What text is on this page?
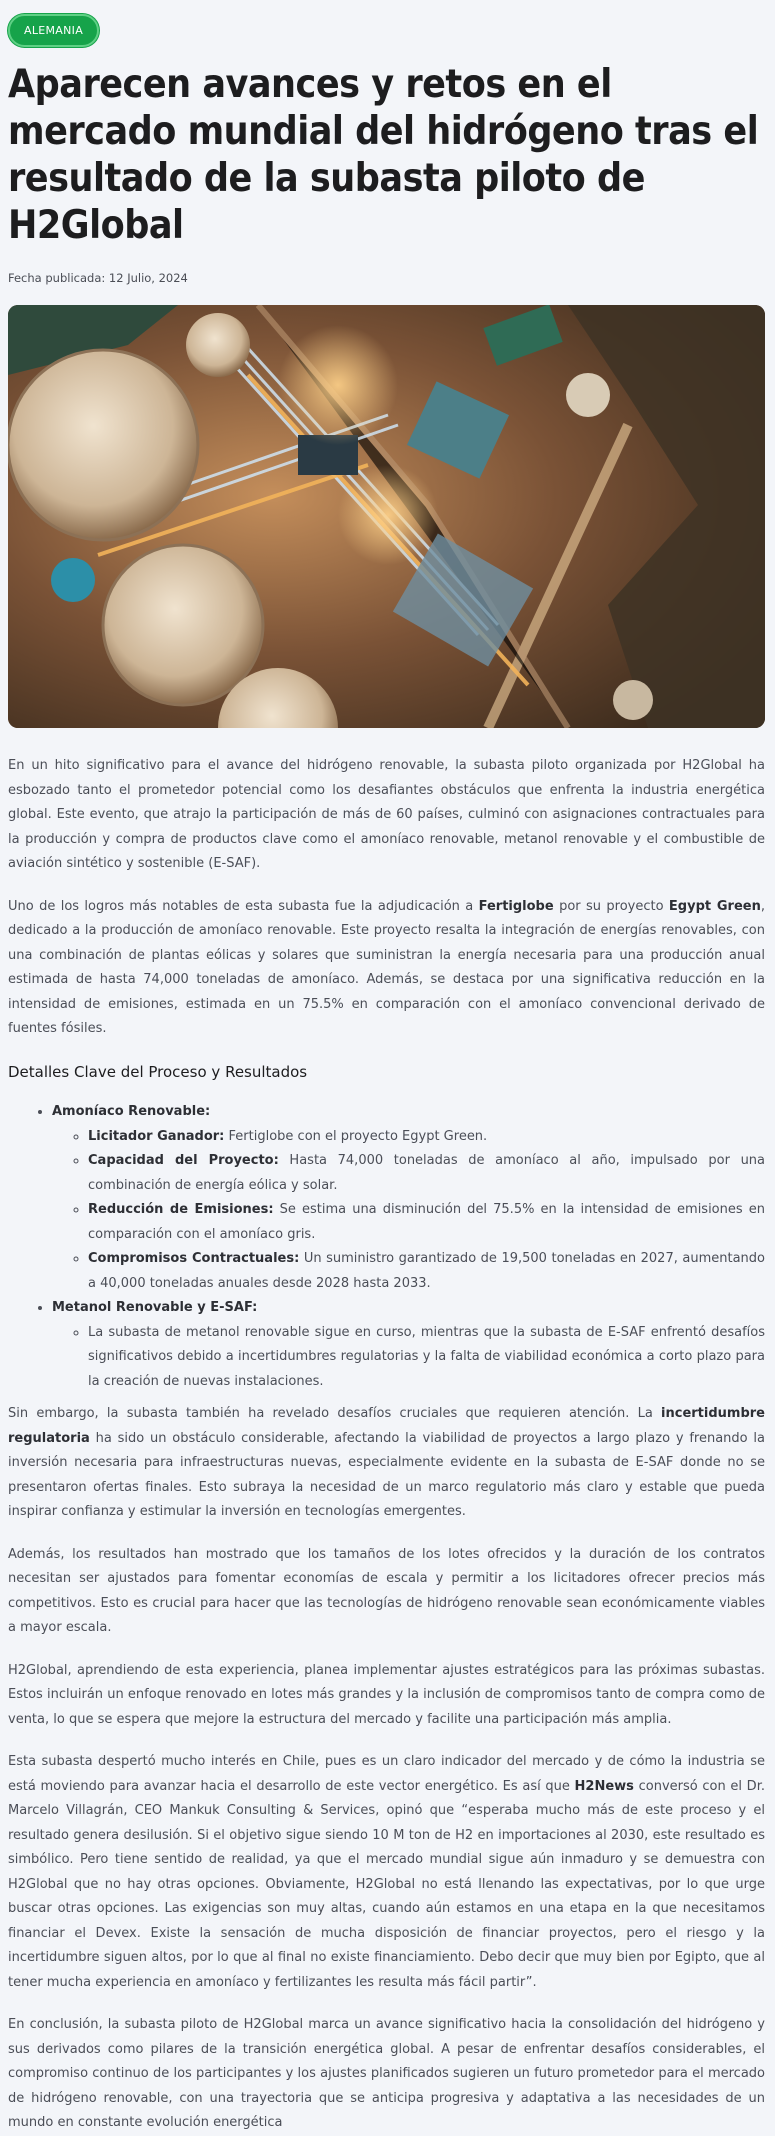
ALEMANIA
Aparecen avances y retos en el mercado mundial del hidrógeno tras el resultado de la subasta piloto de H2Global
Fecha publicada: 12 Julio, 2024

En un hito significativo para el avance del hidrógeno renovable, la subasta piloto organizada por H2Global ha esbozado tanto el prometedor potencial como los desafiantes obstáculos que enfrenta la industria energética global. Este evento, que atrajo la participación de más de 60 países, culminó con asignaciones contractuales para la producción y compra de productos clave como el amoníaco renovable, metanol renovable y el combustible de aviación sintético y sostenible (E-SAF).

Uno de los logros más notables de esta subasta fue la adjudicación a Fertiglobe por su proyecto Egypt Green, dedicado a la producción de amoníaco renovable. Este proyecto resalta la integración de energías renovables, con una combinación de plantas eólicas y solares que suministran la energía necesaria para una producción anual estimada de hasta 74,000 toneladas de amoníaco. Además, se destaca por una significativa reducción en la intensidad de emisiones, estimada en un 75.5% en comparación con el amoníaco convencional derivado de fuentes fósiles.

Detalles Clave del Proceso y Resultados
• Amoníaco Renovable:
◦ Licitador Ganador: Fertiglobe con el proyecto Egypt Green.
◦ Capacidad del Proyecto: Hasta 74,000 toneladas de amoníaco al año, impulsado por una combinación de energía eólica y solar.
◦ Reducción de Emisiones: Se estima una disminución del 75.5% en la intensidad de emisiones en comparación con el amoníaco gris.
◦ Compromisos Contractuales: Un suministro garantizado de 19,500 toneladas en 2027, aumentando a 40,000 toneladas anuales desde 2028 hasta 2033.
• Metanol Renovable y E-SAF:
◦ La subasta de metanol renovable sigue en curso, mientras que la subasta de E-SAF enfrentó desafíos significativos debido a incertidumbres regulatorias y la falta de viabilidad económica a corto plazo para la creación de nuevas instalaciones.

Sin embargo, la subasta también ha revelado desafíos cruciales que requieren atención. La incertidumbre regulatoria ha sido un obstáculo considerable, afectando la viabilidad de proyectos a largo plazo y frenando la inversión necesaria para infraestructuras nuevas, especialmente evidente en la subasta de E-SAF donde no se presentaron ofertas finales. Esto subraya la necesidad de un marco regulatorio más claro y estable que pueda inspirar confianza y estimular la inversión en tecnologías emergentes.

Además, los resultados han mostrado que los tamaños de los lotes ofrecidos y la duración de los contratos necesitan ser ajustados para fomentar economías de escala y permitir a los licitadores ofrecer precios más competitivos. Esto es crucial para hacer que las tecnologías de hidrógeno renovable sean económicamente viables a mayor escala.

H2Global, aprendiendo de esta experiencia, planea implementar ajustes estratégicos para las próximas subastas. Estos incluirán un enfoque renovado en lotes más grandes y la inclusión de compromisos tanto de compra como de venta, lo que se espera que mejore la estructura del mercado y facilite una participación más amplia.

Esta subasta despertó mucho interés en Chile, pues es un claro indicador del mercado y de cómo la industria se está moviendo para avanzar hacia el desarrollo de este vector energético. Es así que H2News conversó con el Dr. Marcelo Villagrán, CEO Mankuk Consulting & Services, opinó que “esperaba mucho más de este proceso y el resultado genera desilusión. Si el objetivo sigue siendo 10 M ton de H2 en importaciones al 2030, este resultado es simbólico. Pero tiene sentido de realidad, ya que el mercado mundial sigue aún inmaduro y se demuestra con H2Global que no hay otras opciones. Obviamente, H2Global no está llenando las expectativas, por lo que urge buscar otras opciones. Las exigencias son muy altas, cuando aún estamos en una etapa en la que necesitamos financiar el Devex. Existe la sensación de mucha disposición de financiar proyectos, pero el riesgo y la incertidumbre siguen altos, por lo que al final no existe financiamiento. Debo decir que muy bien por Egipto, que al tener mucha experiencia en amoníaco y fertilizantes les resulta más fácil partir”.

En conclusión, la subasta piloto de H2Global marca un avance significativo hacia la consolidación del hidrógeno y sus derivados como pilares de la transición energética global. A pesar de enfrentar desafíos considerables, el compromiso continuo de los participantes y los ajustes planificados sugieren un futuro prometedor para el mercado de hidrógeno renovable, con una trayectoria que se anticipa progresiva y adaptativa a las necesidades de un mundo en constante evolución energética
